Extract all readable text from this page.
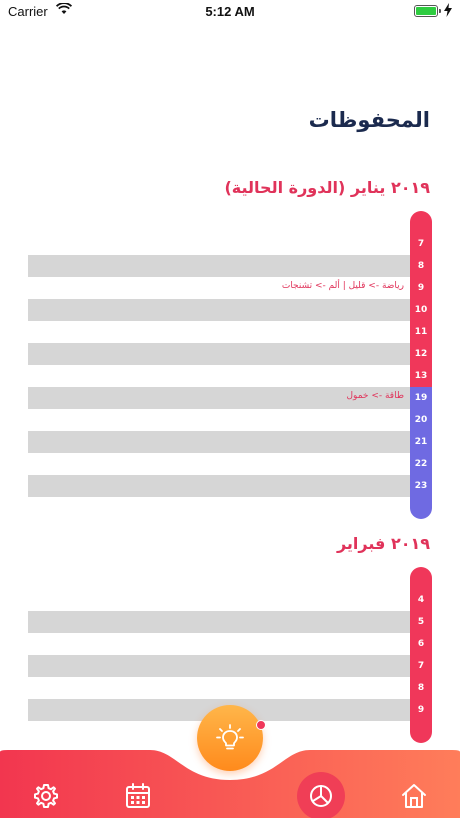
Carrier	5:12 AM
المحفوظات
٢٠١٩ يناير (الدورة الحالية)
رياضة -> قليل | ألم -> تشنجات
طاقة -> خمول
7
8
9
10
11
12
13
19
20
21
22
23
٢٠١٩ فبراير
4
5
6
7
8
9
